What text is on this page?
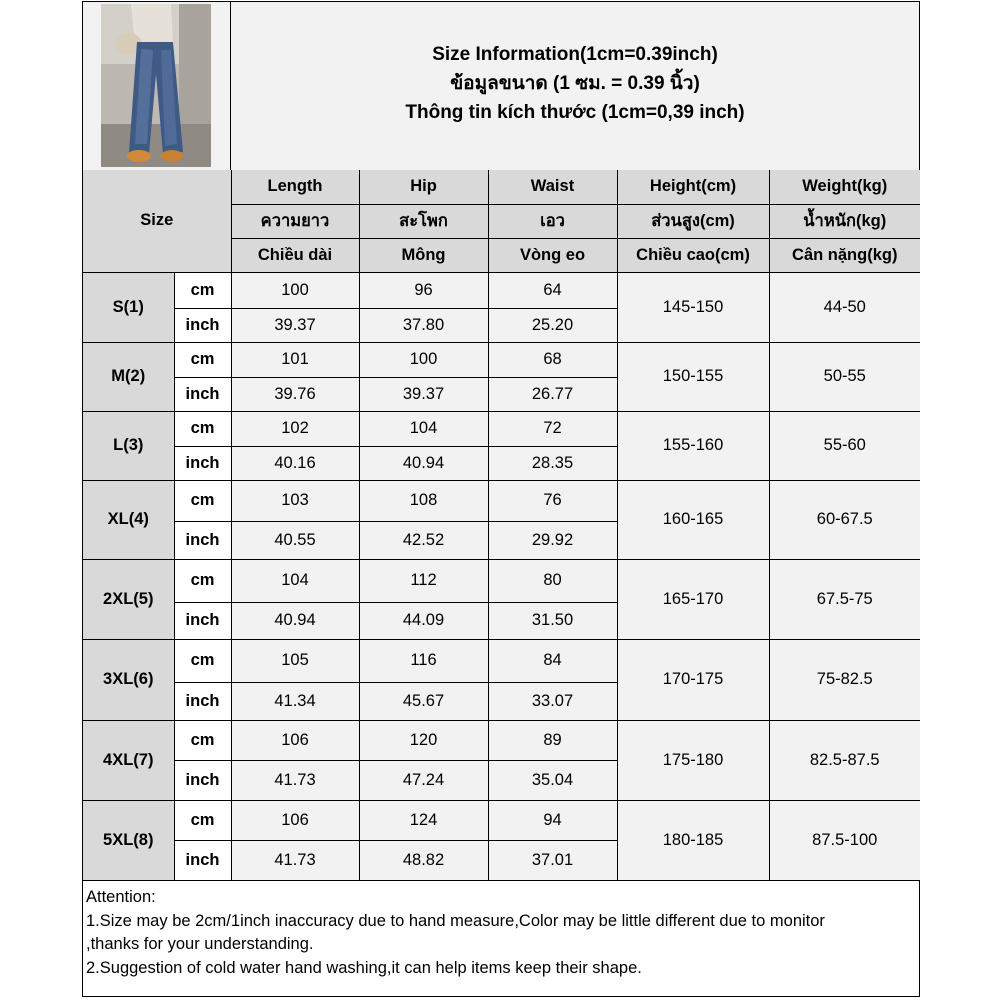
Size Information(1cm=0.39inch)
ข้อมูลขนาด (1 ซม. = 0.39 นิ้ว)
Thông tin kích thước (1cm=0,39 inch)
Size		Length	Hip	Waist	Height(cm)	Weight(kg)
		ความยาว	สะโพก	เอว	ส่วนสูง(cm)	น้ำหนัก(kg)
		Chiều dài	Mông	Vòng eo	Chiều cao(cm)	Cân nặng(kg)
S(1)	cm	100	96	64	145-150	44-50
	inch	39.37	37.80	25.20		
M(2)	cm	101	100	68	150-155	50-55
	inch	39.76	39.37	26.77		
L(3)	cm	102	104	72	155-160	55-60
	inch	40.16	40.94	28.35		
XL(4)	cm	103	108	76	160-165	60-67.5
	inch	40.55	42.52	29.92		
2XL(5)	cm	104	112	80	165-170	67.5-75
	inch	40.94	44.09	31.50		
3XL(6)	cm	105	116	84	170-175	75-82.5
	inch	41.34	45.67	33.07		
4XL(7)	cm	106	120	89	175-180	82.5-87.5
	inch	41.73	47.24	35.04		
5XL(8)	cm	106	124	94	180-185	87.5-100
	inch	41.73	48.82	37.01		
Attention:
1.Size may be 2cm/1inch inaccuracy due to hand measure,Color may be little different due to monitor
,thanks for your understanding.
2.Suggestion of cold water hand washing,it can help items keep their shape.
